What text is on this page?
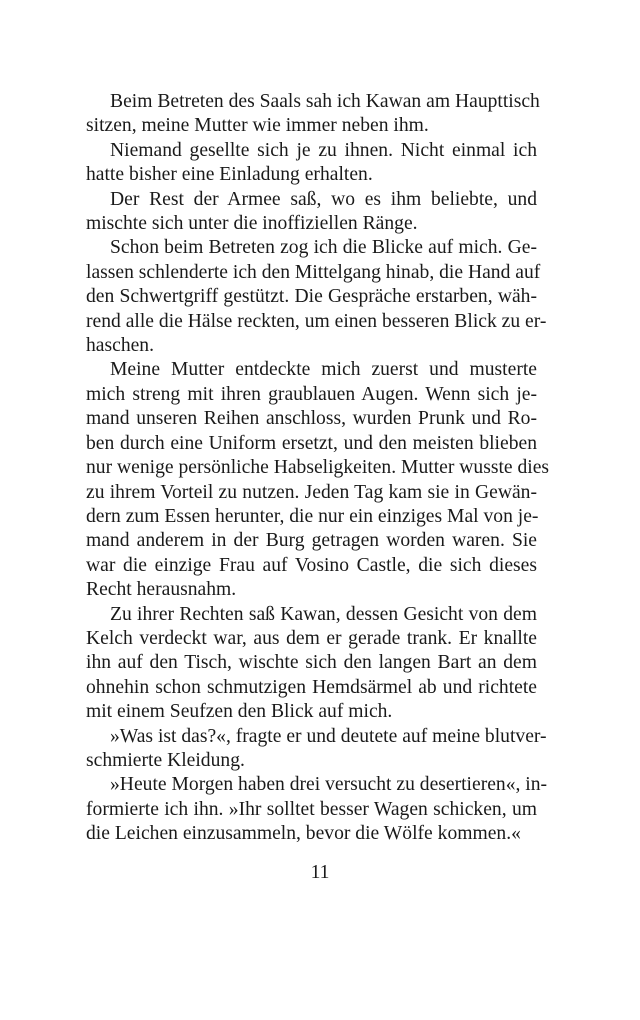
Beim Betreten des Saals sah ich Kawan am Haupttisch
sitzen, meine Mutter wie immer neben ihm.

Niemand gesellte sich je zu ihnen. Nicht einmal ich
hatte bisher eine Einladung erhalten.

Der Rest der Armee saß, wo es ihm beliebte, und
mischte sich unter die inoffiziellen Ränge.

Schon beim Betreten zog ich die Blicke auf mich. Ge-
lassen schlenderte ich den Mittelgang hinab, die Hand auf
den Schwertgriff gestützt. Die Gespräche erstarben, wäh-
rend alle die Hälse reckten, um einen besseren Blick zu er-
haschen.

Meine Mutter entdeckte mich zuerst und musterte
mich streng mit ihren graublauen Augen. Wenn sich je-
mand unseren Reihen anschloss, wurden Prunk und Ro-
ben durch eine Uniform ersetzt, und den meisten blieben
nur wenige persönliche Habseligkeiten. Mutter wusste dies
zu ihrem Vorteil zu nutzen. Jeden Tag kam sie in Gewän-
dern zum Essen herunter, die nur ein einziges Mal von je-
mand anderem in der Burg getragen worden waren. Sie
war die einzige Frau auf Vosino Castle, die sich dieses
Recht herausnahm.

Zu ihrer Rechten saß Kawan, dessen Gesicht von dem
Kelch verdeckt war, aus dem er gerade trank. Er knallte
ihn auf den Tisch, wischte sich den langen Bart an dem
ohnehin schon schmutzigen Hemdsärmel ab und richtete
mit einem Seufzen den Blick auf mich.

»Was ist das?«, fragte er und deutete auf meine blutver-
schmierte Kleidung.

»Heute Morgen haben drei versucht zu desertieren«, in-
formierte ich ihn. »Ihr solltet besser Wagen schicken, um
die Leichen einzusammeln, bevor die Wölfe kommen.«

11
